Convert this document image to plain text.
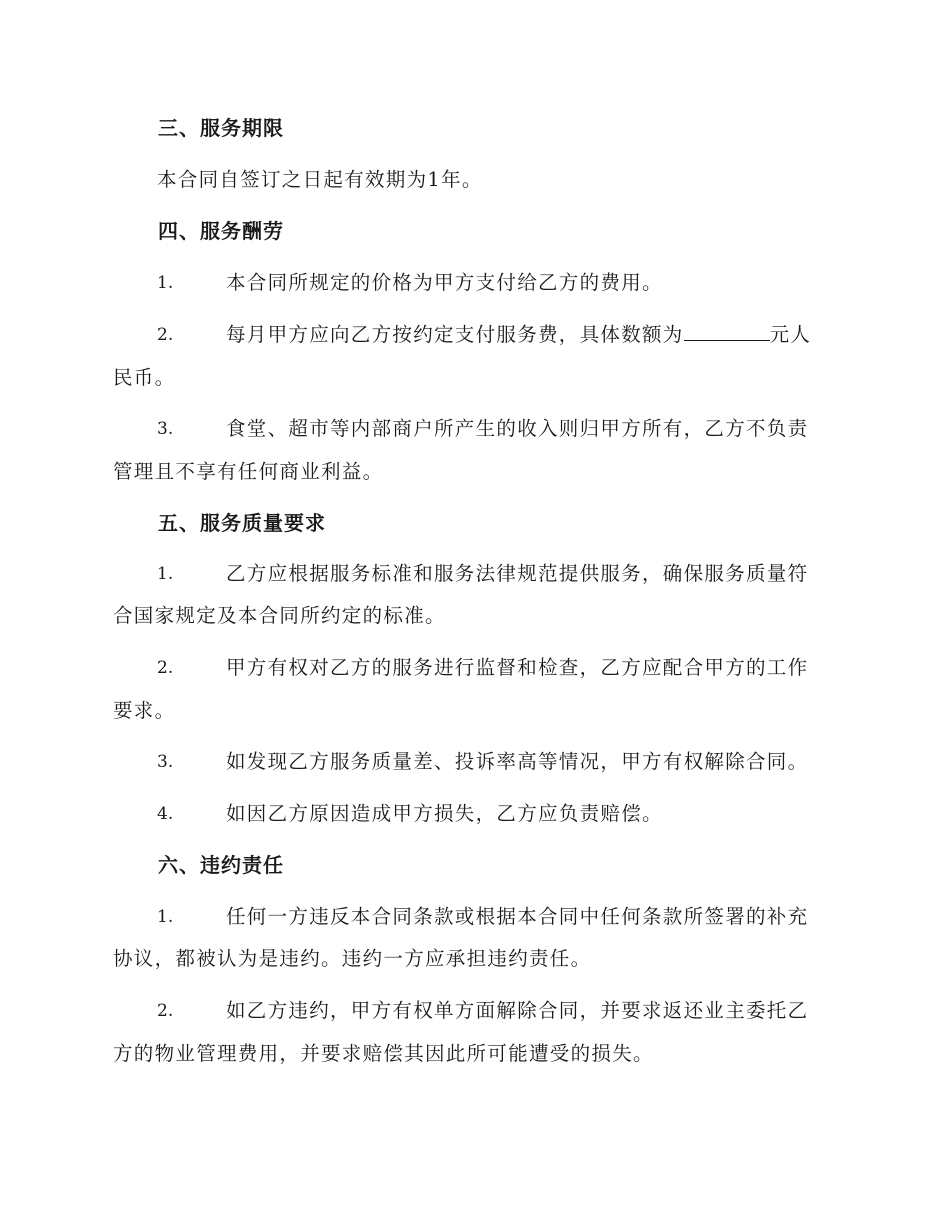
三、服务期限
本合同自签订之日起有效期为1年。
四、服务酬劳
1.	本合同所规定的价格为甲方支付给乙方的费用。
2.	每月甲方应向乙方按约定支付服务费，具体数额为	元人
民币。
3.	食堂、超市等内部商户所产生的收入则归甲方所有，乙方不负责
管理且不享有任何商业利益。
五、服务质量要求
1.	乙方应根据服务标准和服务法律规范提供服务，确保服务质量符
合国家规定及本合同所约定的标准。
2.	甲方有权对乙方的服务进行监督和检查，乙方应配合甲方的工作
要求。
3.	如发现乙方服务质量差、投诉率高等情况，甲方有权解除合同。
4.	如因乙方原因造成甲方损失，乙方应负责赔偿。
六、违约责任
1.	任何一方违反本合同条款或根据本合同中任何条款所签署的补充
协议，都被认为是违约。违约一方应承担违约责任。
2.	如乙方违约，甲方有权单方面解除合同，并要求返还业主委托乙
方的物业管理费用，并要求赔偿其因此所可能遭受的损失。
